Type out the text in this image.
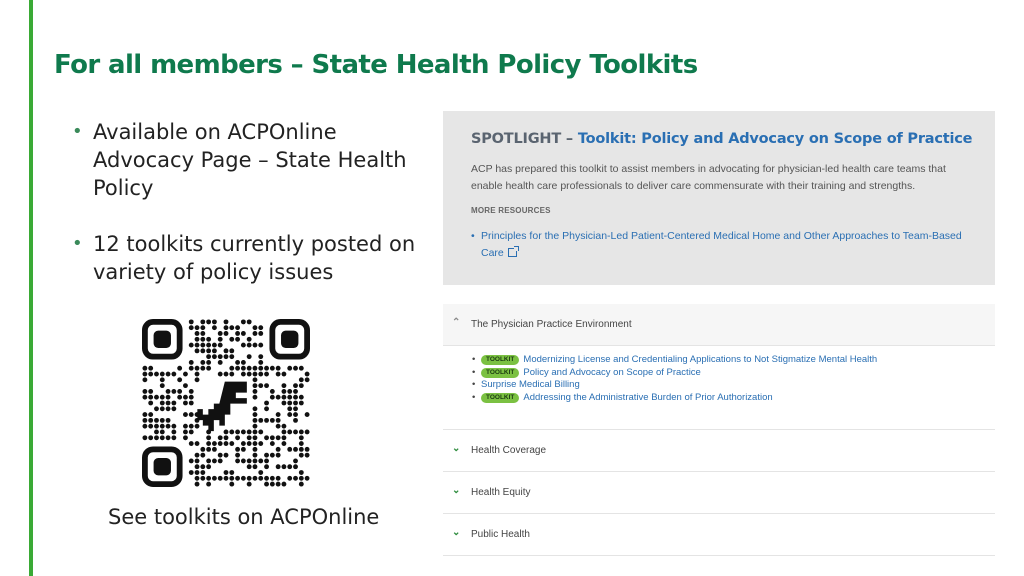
For all members – State Health Policy Toolkits
• Available on ACPOnline Advocacy Page – State Health Policy
• 12 toolkits currently posted on variety of policy issues
See toolkits on ACPOnline
SPOTLIGHT – Toolkit: Policy and Advocacy on Scope of Practice
ACP has prepared this toolkit to assist members in advocating for physician-led health care teams that enable health care professionals to deliver care commensurate with their training and strengths.
MORE RESOURCES
• Principles for the Physician-Led Patient-Centered Medical Home and Other Approaches to Team-Based Care
⌃ The Physician Practice Environment
• TOOLKIT Modernizing License and Credentialing Applications to Not Stigmatize Mental Health
• TOOLKIT Policy and Advocacy on Scope of Practice
• Surprise Medical Billing
• TOOLKIT Addressing the Administrative Burden of Prior Authorization
⌄ Health Coverage
⌄ Health Equity
⌄ Public Health
